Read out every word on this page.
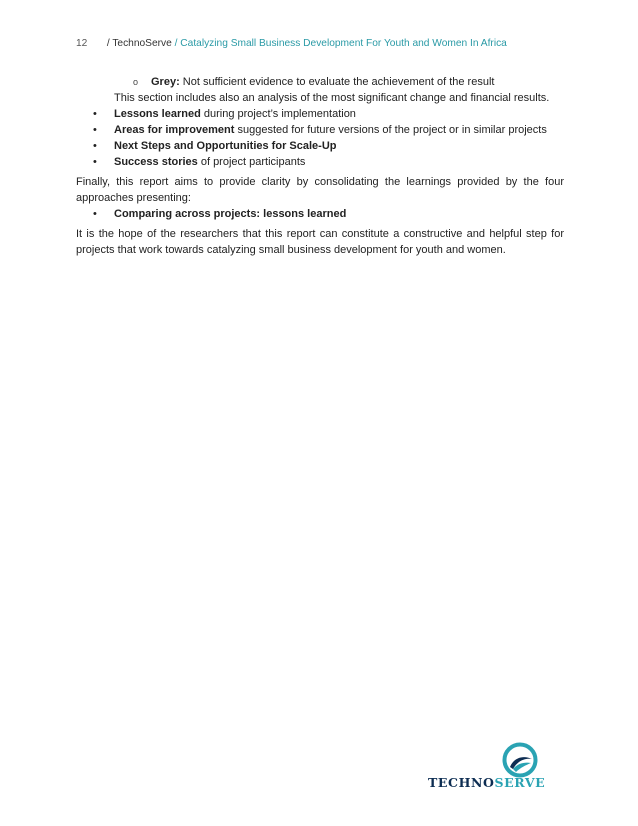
12 / TechnoServe / Catalyzing Small Business Development For Youth and Women In Africa
o Grey: Not sufficient evidence to evaluate the achievement of the result
This section includes also an analysis of the most significant change and financial results.
• Lessons learned during project’s implementation
• Areas for improvement suggested for future versions of the project or in similar projects
• Next Steps and Opportunities for Scale-Up
• Success stories of project participants
Finally, this report aims to provide clarity by consolidating the learnings provided by the four approaches presenting:
• Comparing across projects: lessons learned
It is the hope of the researchers that this report can constitute a constructive and helpful step for projects that work towards catalyzing small business development for youth and women.
TECHNOSERVE
